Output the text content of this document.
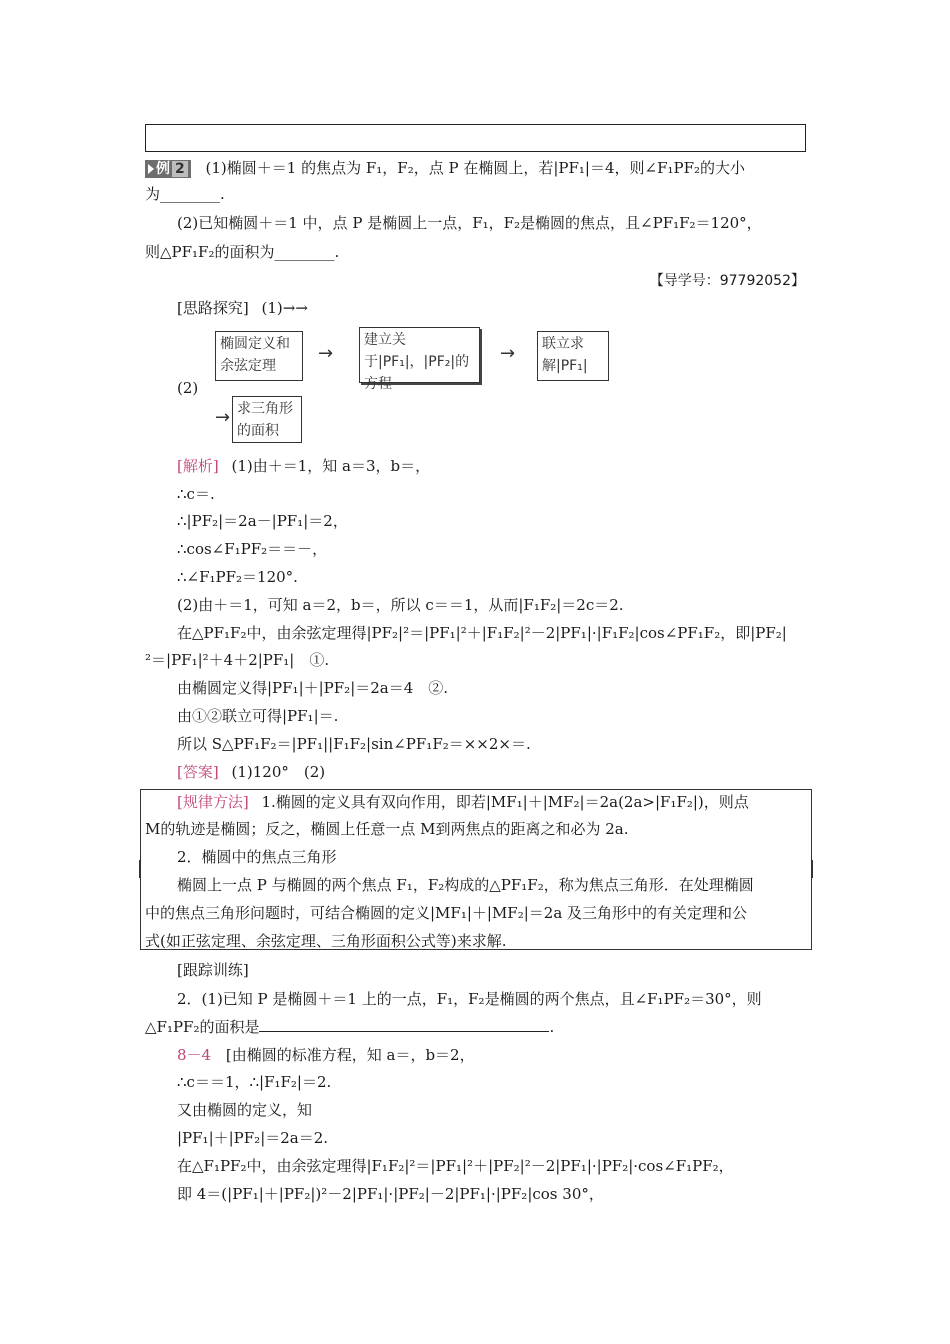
例 2 (1)椭圆＋＝1 的焦点为 F₁，F₂，点 P 在椭圆上，若|PF₁|＝4，则∠F₁PF₂的大小
为________.
(2)已知椭圆＋＝1 中，点 P 是椭圆上一点，F₁，F₂是椭圆的焦点，且∠PF₁F₂＝120°，
则△PF₁F₂的面积为________.
【导学号：97792052】
[思路探究] (1)→→
椭圆定义和余弦定理
→
建立关于|PF₁|，|PF₂|的方程
→	联立求解|PF₁|
(2)
→ 求三角形的面积
[解析] (1)由＋＝1，知 a＝3，b＝，
∴c＝.
∴|PF₂|＝2a－|PF₁|＝2，
∴cos∠F₁PF₂＝＝－，
∴∠F₁PF₂＝120°.
(2)由＋＝1，可知 a＝2，b＝，所以 c＝＝1，从而|F₁F₂|＝2c＝2.
在△PF₁F₂中，由余弦定理得|PF₂|²＝|PF₁|²＋|F₁F₂|²－2|PF₁|·|F₁F₂|cos∠PF₁F₂，即|PF₂|
²＝|PF₁|²＋4＋2|PF₁|　①.
由椭圆定义得|PF₁|＋|PF₂|＝2a＝4　②.
由①②联立可得|PF₁|＝.
所以 S△PF₁F₂＝|PF₁||F₁F₂|sin∠PF₁F₂＝××2×＝.
[答案] (1)120°　(2)
[规律方法] 1.椭圆的定义具有双向作用，即若|MF₁|＋|MF₂|＝2a(2a>|F₁F₂|)，则点
M的轨迹是椭圆；反之，椭圆上任意一点 M到两焦点的距离之和必为 2a.
2．椭圆中的焦点三角形
椭圆上一点 P 与椭圆的两个焦点 F₁，F₂构成的△PF₁F₂，称为焦点三角形．在处理椭圆
中的焦点三角形问题时，可结合椭圆的定义|MF₁|＋|MF₂|＝2a 及三角形中的有关定理和公
式(如正弦定理、余弦定理、三角形面积公式等)来求解.
[跟踪训练]
2．(1)已知 P 是椭圆＋＝1 上的一点，F₁，F₂是椭圆的两个焦点，且∠F₁PF₂＝30°，则
△F₁PF₂的面积是	.
8－4 [由椭圆的标准方程，知 a＝，b＝2，
∴c＝＝1，∴|F₁F₂|＝2.
又由椭圆的定义，知
|PF₁|＋|PF₂|＝2a＝2.
在△F₁PF₂中，由余弦定理得|F₁F₂|²＝|PF₁|²＋|PF₂|²－2|PF₁|·|PF₂|·cos∠F₁PF₂，
即 4＝(|PF₁|＋|PF₂|)²－2|PF₁|·|PF₂|－2|PF₁|·|PF₂|cos 30°，
